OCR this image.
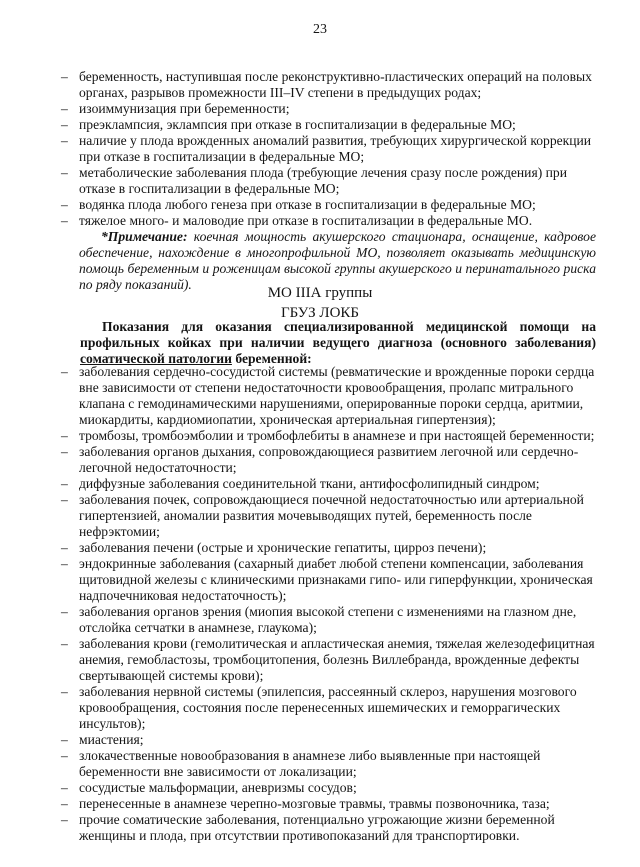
23
– беременность, наступившая после реконструктивно-пластических операций на половых органах, разрывов промежности III–IV степени в предыдущих родах;
– изоиммунизация при беременности;
– преэклампсия, эклампсия при отказе в госпитализации в федеральные МО;
– наличие у плода врожденных аномалий развития, требующих хирургической коррекции при отказе в госпитализации в федеральные МО;
– метаболические заболевания плода (требующие лечения сразу после рождения) при отказе в госпитализации в федеральные МО;
– водянка плода любого генеза при отказе в госпитализации в федеральные МО;
– тяжелое много- и маловодие при отказе в госпитализации в федеральные МО.
*Примечание: коечная мощность акушерского стационара, оснащение, кадровое обеспечение, нахождение в многопрофильной МО, позволяет оказывать медицинскую помощь беременным и роженицам высокой группы акушерского и перинатального риска по ряду показаний).
МО IIIА группы
ГБУЗ ЛОКБ
Показания для оказания специализированной медицинской помощи на профильных койках при наличии ведущего диагноза (основного заболевания) соматической патологии беременной:
– заболевания сердечно-сосудистой системы (ревматические и врожденные пороки сердца вне зависимости от степени недостаточности кровообращения, пролапс митрального клапана с гемодинамическими нарушениями, оперированные пороки сердца, аритмии, миокардиты, кардиомиопатии, хроническая артериальная гипертензия);
– тромбозы, тромбоэмболии и тромбофлебиты в анамнезе и при настоящей беременности;
– заболевания органов дыхания, сопровождающиеся развитием легочной или сердечно-легочной недостаточности;
– диффузные заболевания соединительной ткани, антифосфолипидный синдром;
– заболевания почек, сопровождающиеся почечной недостаточностью или артериальной гипертензией, аномалии развития мочевыводящих путей, беременность после нефрэктомии;
– заболевания печени (острые и хронические гепатиты, цирроз печени);
– эндокринные заболевания (сахарный диабет любой степени компенсации, заболевания щитовидной железы с клиническими признаками гипо- или гиперфункции, хроническая надпочечниковая недостаточность);
– заболевания органов зрения (миопия высокой степени с изменениями на глазном дне, отслойка сетчатки в анамнезе, глаукома);
– заболевания крови (гемолитическая и апластическая анемия, тяжелая железодефицитная анемия, гемобластозы, тромбоцитопения, болезнь Виллебранда, врожденные дефекты свертывающей системы крови);
– заболевания нервной системы (эпилепсия, рассеянный склероз, нарушения мозгового кровообращения, состояния после перенесенных ишемических и геморрагических инсультов);
– миастения;
– злокачественные новообразования в анамнезе либо выявленные при настоящей беременности вне зависимости от локализации;
– сосудистые мальформации, аневризмы сосудов;
– перенесенные в анамнезе черепно-мозговые травмы, травмы позвоночника, таза;
– прочие соматические заболевания, потенциально угрожающие жизни беременной женщины и плода, при отсутствии противопоказаний для транспортировки.
